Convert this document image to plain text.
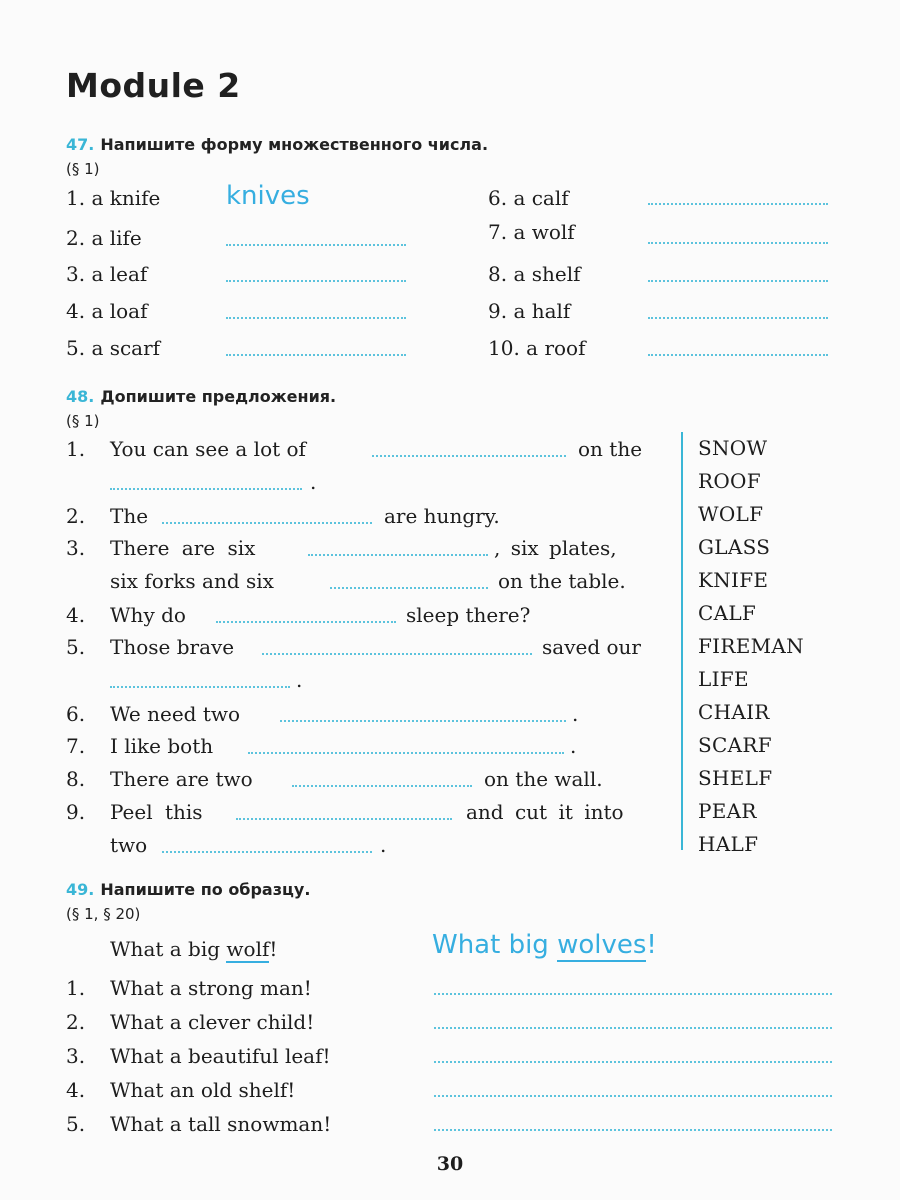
Module 2
47. Напишите форму множественного числа.
(§ 1)
1. a knife	knives
2. a life
3. a leaf
4. a loaf
5. a scarf
6. a calf
7. a wolf
8. a shelf
9. a half
10. a roof
48. Допишите предложения.
(§ 1)
1. You can see a lot of	on the
.
2. The	are hungry.
3. There are six	, six plates,
six forks and six	on the table.
4. Why do	sleep there?
5. Those brave	saved our
.
6. We need two	.
7. I like both	.
8. There are two	on the wall.
9. Peel this	and cut it into
two	.
SNOW
ROOF
WOLF
GLASS
KNIFE
CALF
FIREMAN
LIFE
CHAIR
SCARF
SHELF
PEAR
HALF
49. Напишите по образцу.
(§ 1, § 20)
What a big wolf!	What big wolves!
1. What a strong man!
2. What a clever child!
3. What a beautiful leaf!
4. What an old shelf!
5. What a tall snowman!
30
